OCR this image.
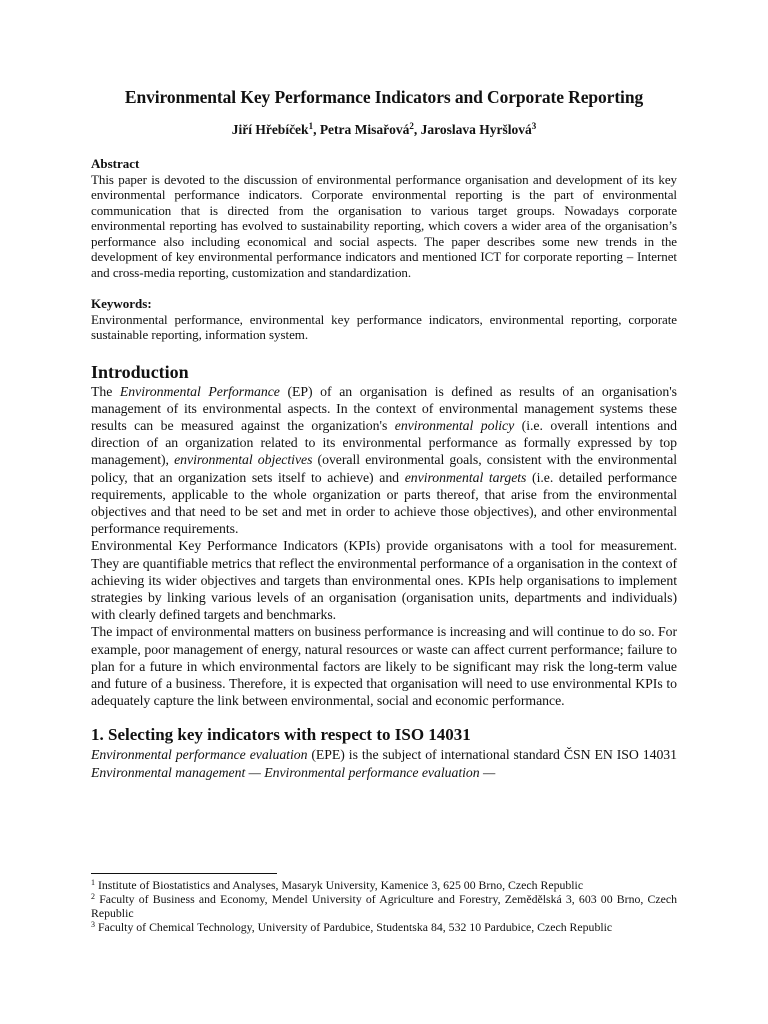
Environmental Key Performance Indicators and Corporate Reporting
Jiří Hřebíček$^1$, Petra Misařová$^2$, Jaroslava Hyršlová$^3$

Abstract

This paper is devoted to the discussion of environmental performance organisation and development of its key environmental performance indicators. Corporate environmental reporting is the part of environmental communication that is directed from the organisation to various target groups. Nowadays corporate environmental reporting has evolved to sustainability reporting, which covers a wider area of the organisation’s performance also including economical and social aspects. The paper describes some new trends in the development of key environmental performance indicators and mentioned ICT for corporate reporting – Internet and cross-media reporting, customization and standardization.

Keywords:

Environmental performance, environmental key performance indicators, environmental reporting, corporate sustainable reporting, information system.

Introduction

The Environmental Performance (EP) of an organisation is defined as results of an organisation's management of its environmental aspects. In the context of environmental management systems these results can be measured against the organization's environmental policy (i.e. overall intentions and direction of an organization related to its environmental performance as formally expressed by top management), environmental objectives (overall environmental goals, consistent with the environmental policy, that an organization sets itself to achieve) and environmental targets (i.e. detailed performance requirements, applicable to the whole organization or parts thereof, that arise from the environmental objectives and that need to be set and met in order to achieve those objectives), and other environmental performance requirements.

Environmental Key Performance Indicators (KPIs) provide organisatons with a tool for measurement. They are quantifiable metrics that reflect the environmental performance of a organisation in the context of achieving its wider objectives and targets than environmental ones. KPIs help organisations to implement strategies by linking various levels of an organisation (organisation units, departments and individuals) with clearly defined targets and benchmarks.

The impact of environmental matters on business performance is increasing and will continue to do so. For example, poor management of energy, natural resources or waste can affect current performance; failure to plan for a future in which environmental factors are likely to be significant may risk the long-term value and future of a business. Therefore, it is expected that organisation will need to use environmental KPIs to adequately capture the link between environmental, social and economic performance.

1. Selecting key indicators with respect to ISO 14031

Environmental performance evaluation (EPE) is the subject of international standard ČSN EN ISO 14031 Environmental management — Environmental performance evaluation —

$^1$ Institute of Biostatistics and Analyses, Masaryk University, Kamenice 3, 625 00 Brno, Czech Republic

$^2$ Faculty of Business and Economy, Mendel University of Agriculture and Forestry, Zemědělská 3, 603 00 Brno, Czech Republic

$^3$ Faculty of Chemical Technology, University of Pardubice, Studentska 84, 532 10 Pardubice, Czech Republic
